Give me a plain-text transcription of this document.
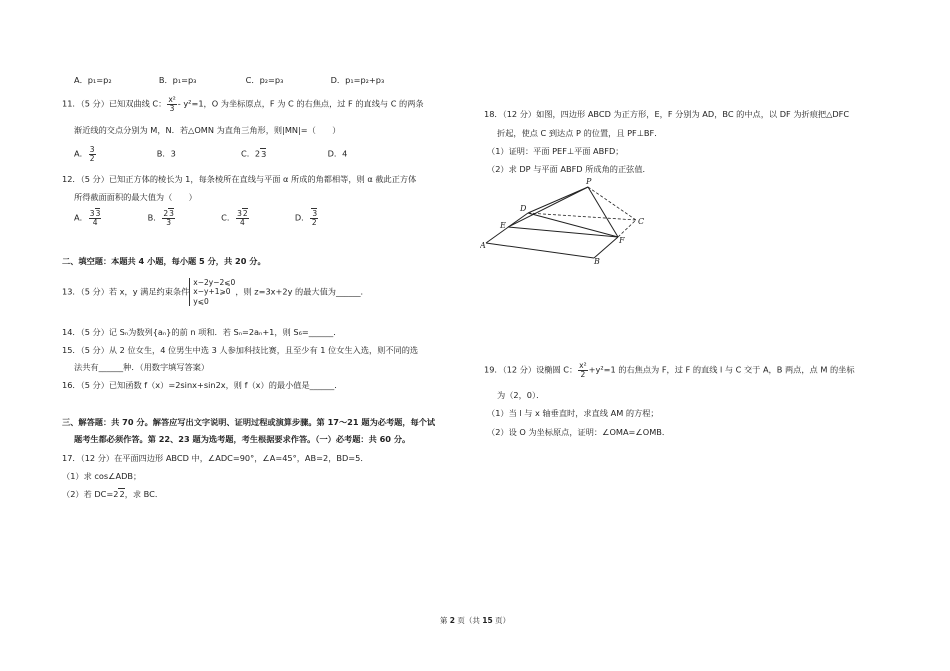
A．p₁=p₂	B．p₁=p₃	C．p₂=p₃	D．p₁=p₂+p₃
11．（5 分）已知双曲线 C： $\frac{\text{x²}}{3} - y^2=1$，O 为坐标原点，F 为 C 的右焦点，过 F 的直线与 C 的两条
渐近线的交点分别为 M，N．若△OMN 为直角三角形，则|MN|=（　　）
A． $\frac{3}{2}$	B．3	C．23	D．4
12．（5 分）已知正方体的棱长为 1，每条棱所在直线与平面 α 所成的角都相等，则 α 截此正方体
所得截面面积的最大值为（　　）
A． $\frac{33}{4}$	B． $\frac{23}{3}$	C． $\frac{32}{4}$	D． $\frac{3}{2}$
二、填空题：本题共 4 小题，每小题 5 分，共 20 分。
13．（5 分）若 x，y 满足约束条件x−2y−2⩽0
x−y+1⩾0
y⩽0，则 z=3x+2y 的最大值为______．
14．（5 分）记 Sₙ为数列{aₙ}的前 n 项和．若 Sₙ=2aₙ+1，则 S₆=______．
15．（5 分）从 2 位女生，4 位男生中选 3 人参加科技比赛，且至少有 1 位女生入选，则不同的选
法共有______种．（用数字填写答案）
16．（5 分）已知函数 f（x）=2sinx+sin2x，则 f（x）的最小值是______．
三、解答题：共 70 分。解答应写出文字说明、证明过程或演算步骤。第 17～21 题为必考题，每个试
题考生都必须作答。第 22、23 题为选考题，考生根据要求作答。（一）必考题：共 60 分。
17．（12 分）在平面四边形 ABCD 中，∠ADC=90°，∠A=45°，AB=2，BD=5．
（1）求 cos∠ADB；
（2）若 DC=22，求 BC．
18．（12 分）如图，四边形 ABCD 为正方形，E，F 分别为 AD，BC 的中点，以 DF 为折痕把△DFC
折起，使点 C 到达点 P 的位置，且 PF⊥BF．
（1）证明：平面 PEF⊥平面 ABFD；
（2）求 DP 与平面 ABFD 所成角的正弦值．
P
D
E
A
B
C
F
19．（12 分）设椭圆 C： $\frac{\text{x²}}{2} +y^2=1$ 的右焦点为 F，过 F 的直线 l 与 C 交于 A，B 两点，点 M 的坐标
为（2，0）．
（1）当 l 与 x 轴垂直时，求直线 AM 的方程；
（2）设 O 为坐标原点，证明：∠OMA=∠OMB．
第 2 页（共 15 页）
